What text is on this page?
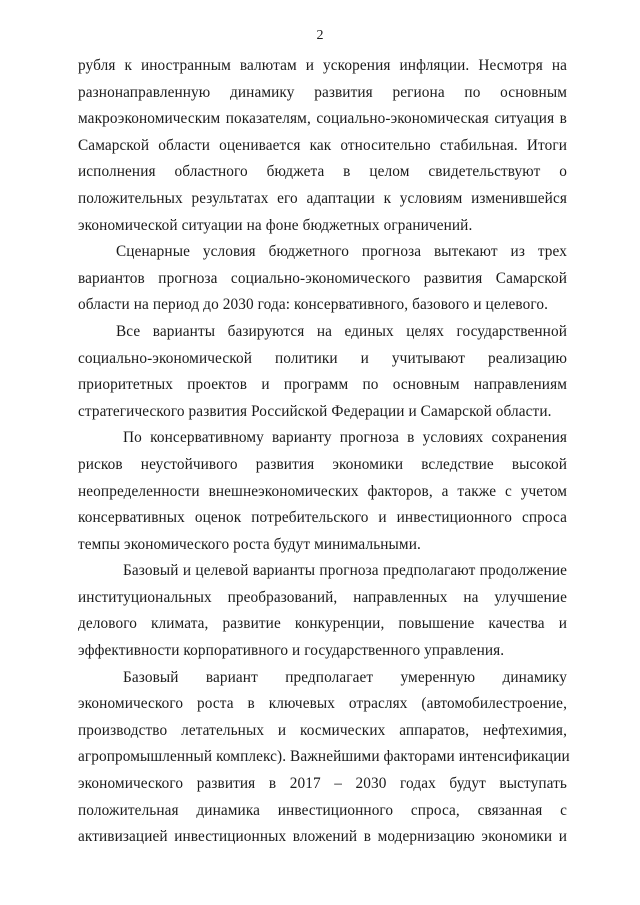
2
рубля к иностранным валютам и ускорения инфляции. Несмотря на
разнонаправленную динамику развития региона по основным
макроэкономическим показателям, социально-экономическая ситуация в
Самарской области оценивается как относительно стабильная. Итоги
исполнения областного бюджета в целом свидетельствуют о
положительных результатах его адаптации к условиям изменившейся
экономической ситуации на фоне бюджетных ограничений.
Сценарные условия бюджетного прогноза вытекают из трех
вариантов прогноза социально-экономического развития Самарской
области на период до 2030 года: консервативного, базового и целевого.
Все варианты базируются на единых целях государственной
социально-экономической политики и учитывают реализацию
приоритетных проектов и программ по основным направлениям
стратегического развития Российской Федерации и Самарской области.
По консервативному варианту прогноза в условиях сохранения
рисков неустойчивого развития экономики вследствие высокой
неопределенности внешнеэкономических факторов, а также с учетом
консервативных оценок потребительского и инвестиционного спроса
темпы экономического роста будут минимальными.
Базовый и целевой варианты прогноза предполагают продолжение
институциональных преобразований, направленных на улучшение
делового климата, развитие конкуренции, повышение качества и
эффективности корпоративного и государственного управления.
Базовый вариант предполагает умеренную динамику
экономического роста в ключевых отраслях (автомобилестроение,
производство летательных и космических аппаратов, нефтехимия,
агропромышленный комплекс). Важнейшими факторами интенсификации
экономического развития в 2017 – 2030 годах будут выступать
положительная динамика инвестиционного спроса, связанная с
активизацией инвестиционных вложений в модернизацию экономики и
